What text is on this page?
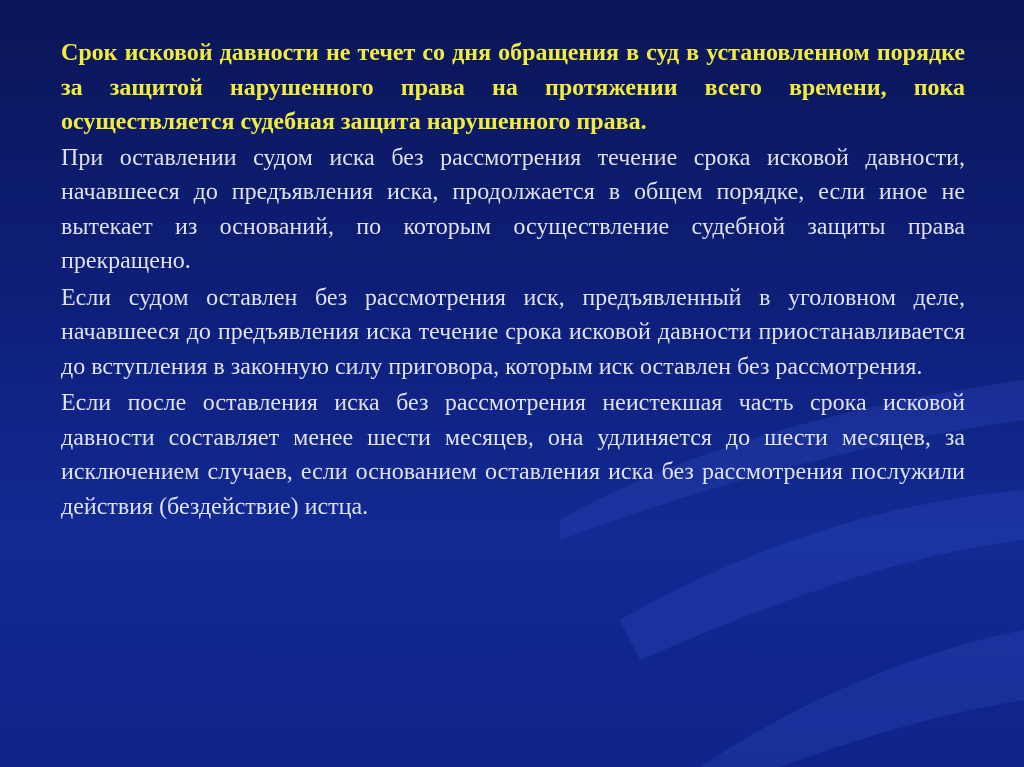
Срок исковой давности не течет со дня обращения в суд в установленном порядке за защитой нарушенного права на протяжении всего времени, пока осуществляется судебная защита нарушенного права.

При оставлении судом иска без рассмотрения течение срока исковой давности, начавшееся до предъявления иска, продолжается в общем порядке, если иное не вытекает из оснований, по которым осуществление судебной защиты права прекращено.

Если судом оставлен без рассмотрения иск, предъявленный в уголовном деле, начавшееся до предъявления иска течение срока исковой давности приостанавливается до вступления в законную силу приговора, которым иск оставлен без рассмотрения.

Если после оставления иска без рассмотрения неистекшая часть срока исковой давности составляет менее шести месяцев, она удлиняется до шести месяцев, за исключением случаев, если основанием оставления иска без рассмотрения послужили действия (бездействие) истца.
